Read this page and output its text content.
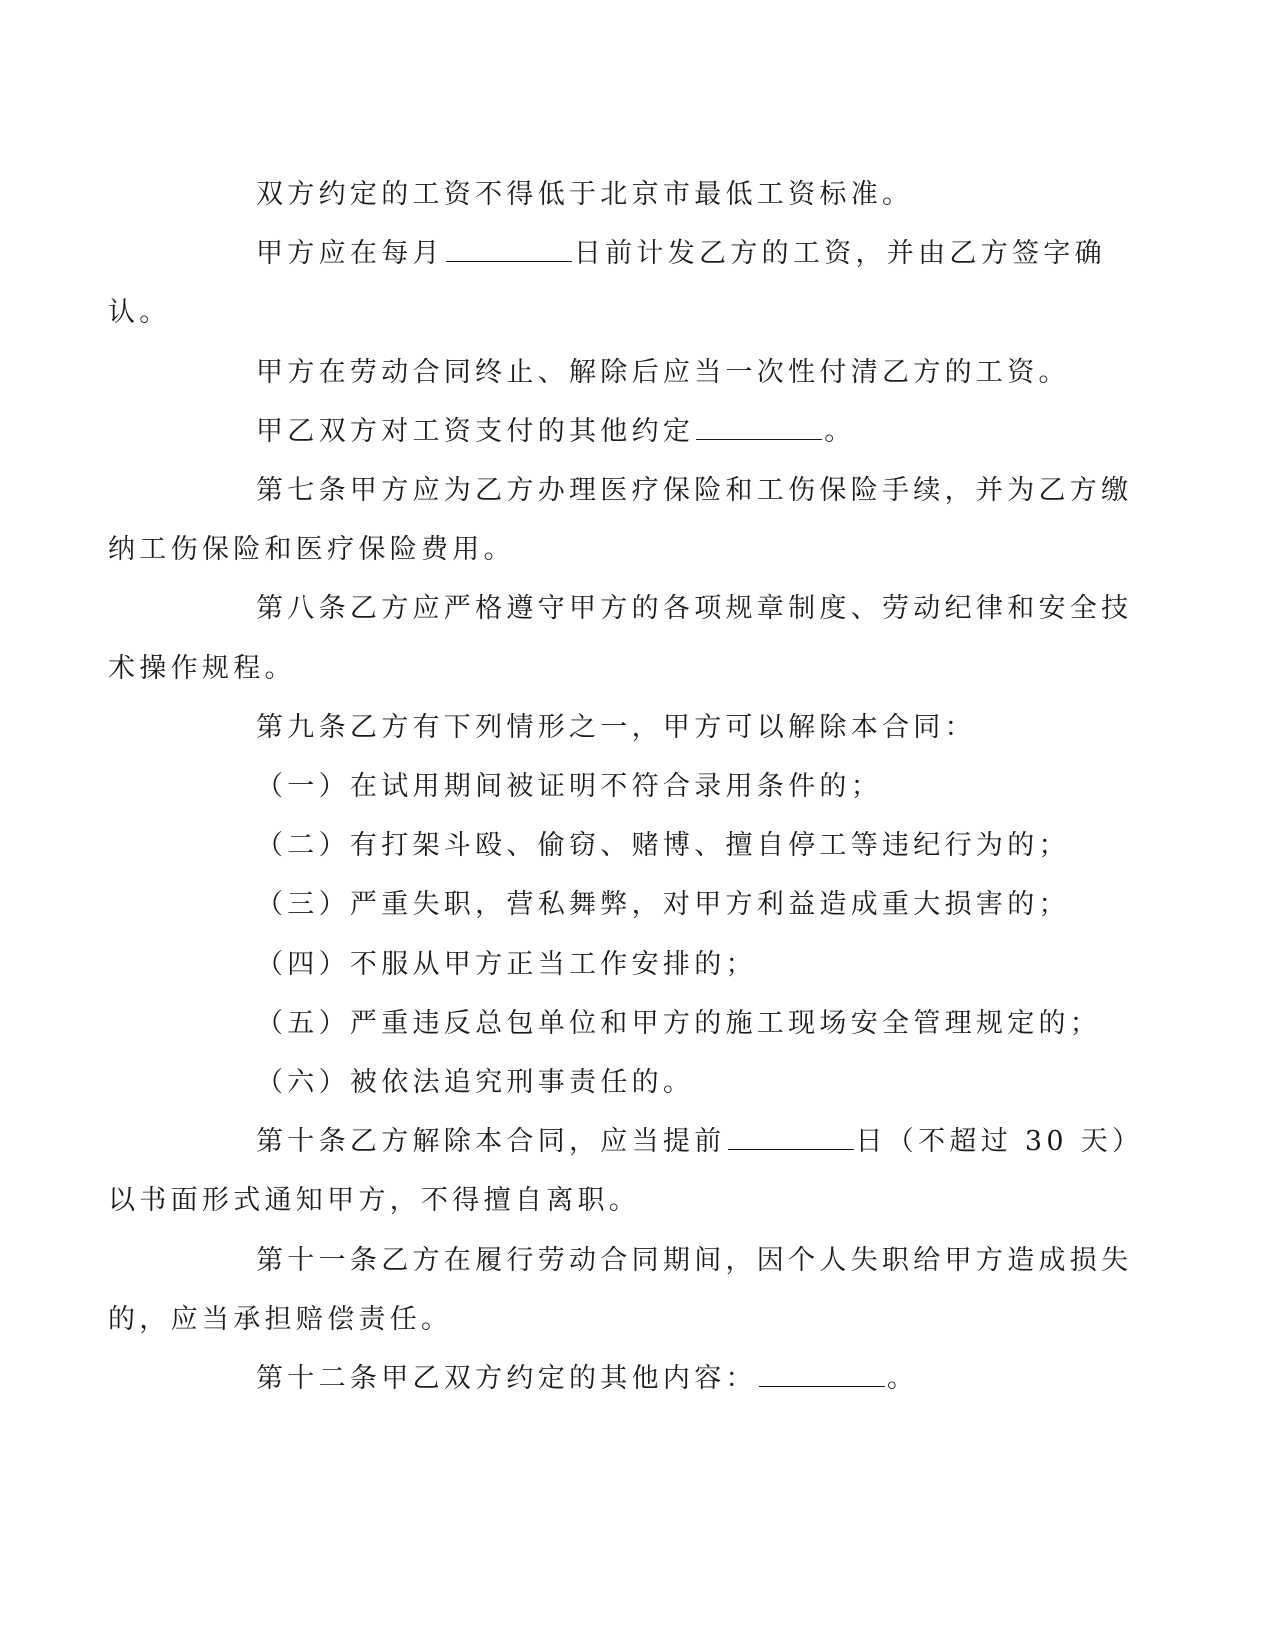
双方约定的工资不得低于北京市最低工资标准。

甲方应在每月	日前计发乙方的工资，并由乙方签字确
认。

甲方在劳动合同终止、解除后应当一次性付清乙方的工资。

甲乙双方对工资支付的其他约定	。

第七条甲方应为乙方办理医疗保险和工伤保险手续，并为乙方缴
纳工伤保险和医疗保险费用。

第八条乙方应严格遵守甲方的各项规章制度、劳动纪律和安全技
术操作规程。

第九条乙方有下列情形之一，甲方可以解除本合同：

（一）在试用期间被证明不符合录用条件的；

（二）有打架斗殴、偷窃、赌博、擅自停工等违纪行为的；

（三）严重失职，营私舞弊，对甲方利益造成重大损害的；

（四）不服从甲方正当工作安排的；

（五）严重违反总包单位和甲方的施工现场安全管理规定的；

（六）被依法追究刑事责任的。

第十条乙方解除本合同，应当提前	日（不超过 30 天）
以书面形式通知甲方，不得擅自离职。

第十一条乙方在履行劳动合同期间，因个人失职给甲方造成损失
的，应当承担赔偿责任。

第十二条甲乙双方约定的其他内容：	。
